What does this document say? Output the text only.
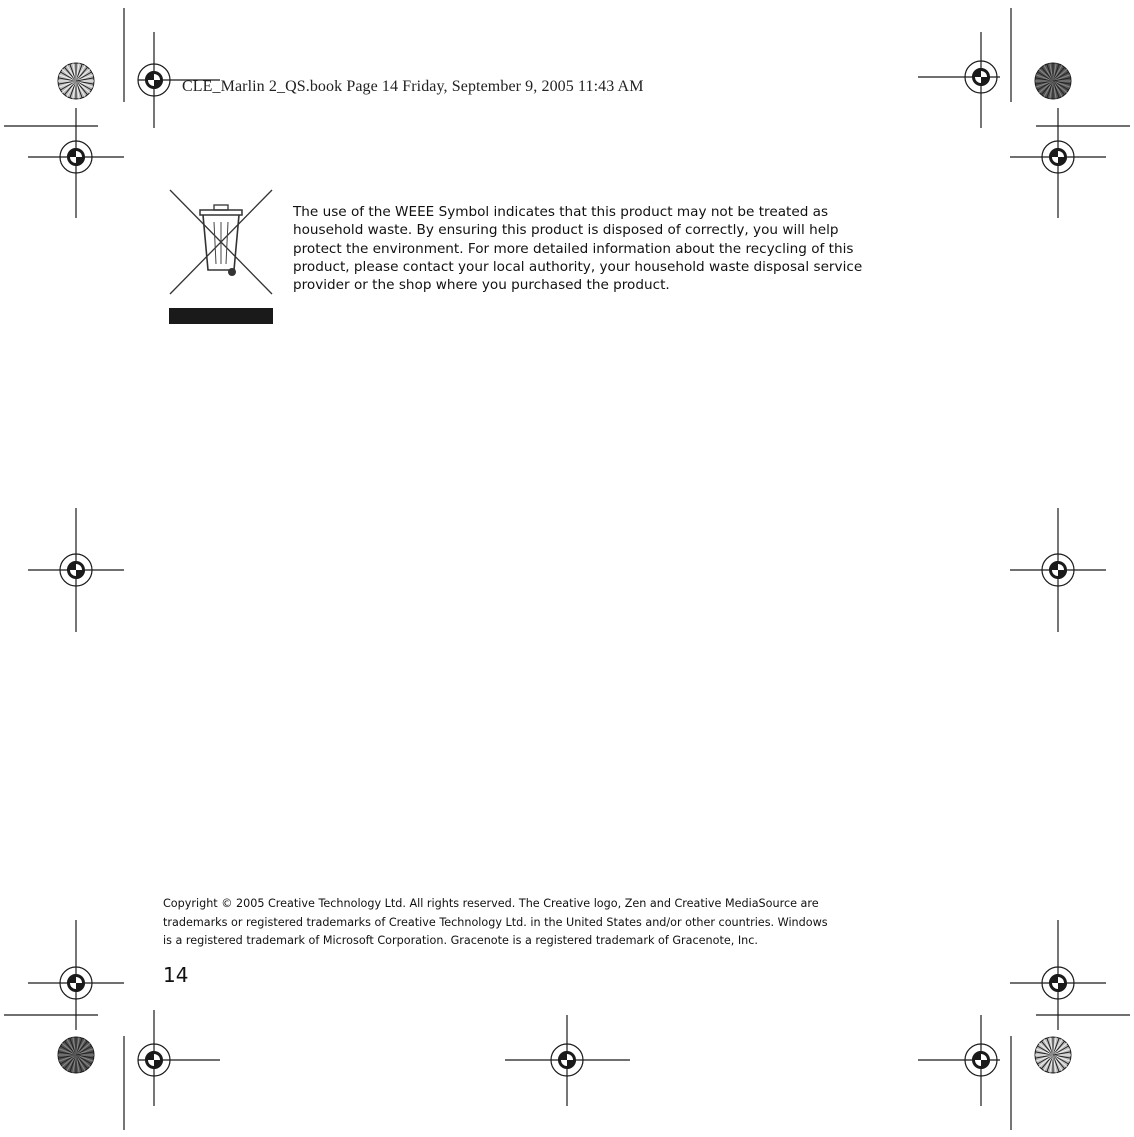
CLE_Marlin 2_QS.book Page 14 Friday, September 9, 2005 11:43 AM
The use of the WEEE Symbol indicates that this product may not be treated as
household waste. By ensuring this product is disposed of correctly, you will help
protect the environment. For more detailed information about the recycling of this
product, please contact your local authority, your household waste disposal service
provider or the shop where you purchased the product.
Copyright © 2005 Creative Technology Ltd. All rights reserved. The Creative logo, Zen and Creative MediaSource are
trademarks or registered trademarks of Creative Technology Ltd. in the United States and/or other countries. Windows
is a registered trademark of Microsoft Corporation. Gracenote is a registered trademark of Gracenote, Inc.
14
